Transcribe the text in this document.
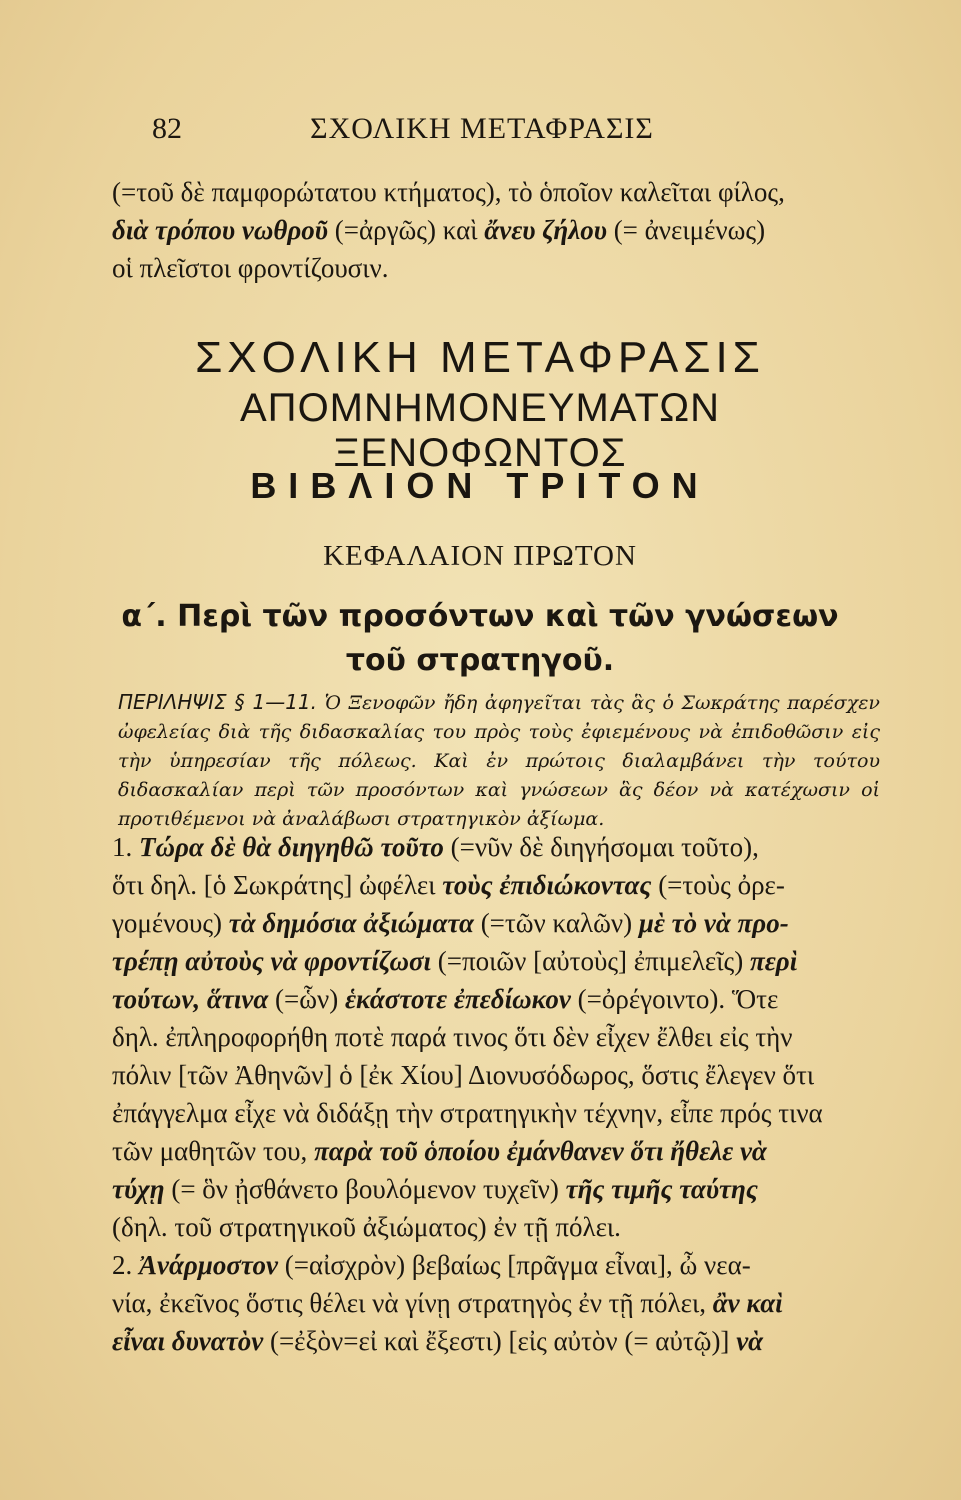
82	ΣΧΟΛΙΚΗ ΜΕΤΑΦΡΑΣΙΣ
(=τοῦ δὲ παμφορώτατου κτήματος), τὸ ὁποῖον καλεῖται φίλος,
διὰ τρόπου νωθροῦ (=ἀργῶς) καὶ ἄνευ ζήλου (= ἀνειμένως)
οἱ πλεῖστοι φροντίζουσιν.
ΣΧΟΛΙΚΗ ΜΕΤΑΦΡΑΣΙΣ
ΑΠΟΜΝΗΜΟΝΕΥΜΑΤΩΝ ΞΕΝΟΦΩΝΤΟΣ
ΒΙΒΛΙΟΝ ΤΡΙΤΟΝ
ΚΕΦΑΛΑΙΟΝ ΠΡΩΤΟΝ
α΄. Περὶ τῶν προσόντων καὶ τῶν γνώσεων
τοῦ στρατηγοῦ.
ΠΕΡΙΛΗΨΙΣ § 1—11. Ὁ Ξενοφῶν ἤδη ἀφηγεῖται τὰς ἃς ὁ Σωκράτης παρέσχεν ὠφελείας διὰ τῆς διδασκαλίας του πρὸς τοὺς ἐφιεμένους νὰ ἐπιδοθῶσιν εἰς τὴν ὑπηρεσίαν τῆς πόλεως. Καὶ ἐν πρώτοις διαλαμβάνει τὴν τούτου διδασκαλίαν περὶ τῶν προσόντων καὶ γνώσεων ἃς δέον νὰ κατέχωσιν οἱ προτιθέμενοι νὰ ἀναλάβωσι στρατηγικὸν ἀξίωμα.
1. Τώρα δὲ θὰ διηγηθῶ τοῦτο (=νῦν δὲ διηγήσομαι τοῦτο),
ὅτι δηλ. [ὁ Σωκράτης] ὠφέλει τοὺς ἐπιδιώκοντας (=τοὺς ὀρε-
γομένους) τὰ δημόσια ἀξιώματα (=τῶν καλῶν) μὲ τὸ νὰ προ-
τρέπῃ αὐτοὺς νὰ φροντίζωσι (=ποιῶν [αὐτοὺς] ἐπιμελεῖς) περὶ
τούτων, ἅτινα (=ὧν) ἑκάστοτε ἐπεδίωκον (=ὀρέγοιντο). Ὅτε
δηλ. ἐπληροφορήθη ποτὲ παρά τινος ὅτι δὲν εἶχεν ἔλθει εἰς τὴν
πόλιν [τῶν Ἀθηνῶν] ὁ [ἐκ Χίου] Διονυσόδωρος, ὅστις ἔλεγεν ὅτι
ἐπάγγελμα εἶχε νὰ διδάξῃ τὴν στρατηγικὴν τέχνην, εἶπε πρός τινα
τῶν μαθητῶν του, παρὰ τοῦ ὁποίου ἐμάνθανεν ὅτι ἤθελε νὰ
τύχῃ (= ὃν ᾐσθάνετο βουλόμενον τυχεῖν) τῆς τιμῆς ταύτης
(δηλ. τοῦ στρατηγικοῦ ἀξιώματος) ἐν τῇ πόλει.
2. Ἀνάρμοστον (=αἰσχρὸν) βεβαίως [πρᾶγμα εἶναι], ὦ νεα-
νία, ἐκεῖνος ὅστις θέλει νὰ γίνῃ στρατηγὸς ἐν τῇ πόλει, ἂν καὶ
εἶναι δυνατὸν (=ἐξὸν=εἰ καὶ ἔξεστι) [εἰς αὐτὸν (= αὐτῷ)] νὰ
